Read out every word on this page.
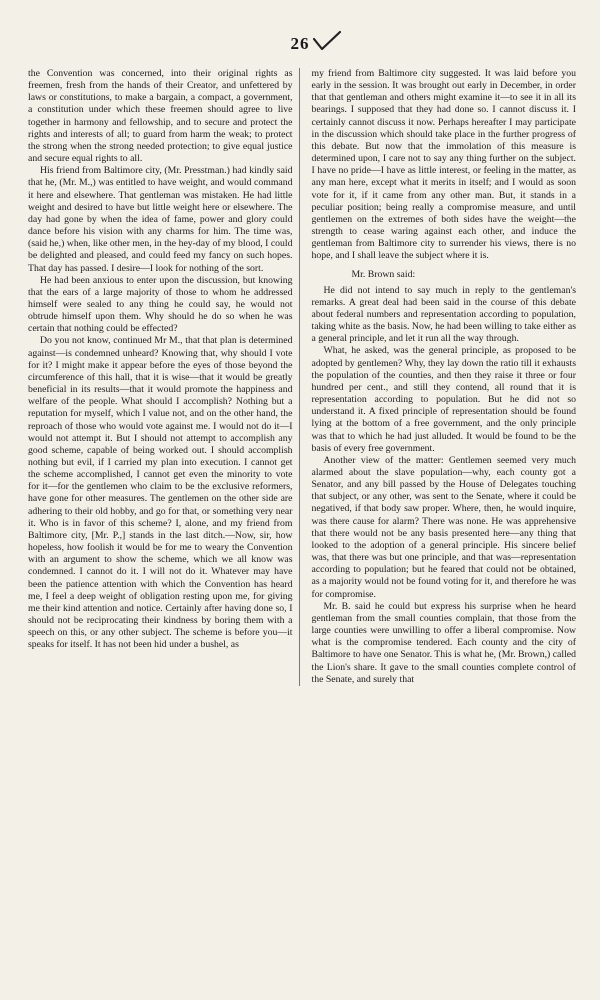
26

the Convention was concerned, into their original rights as freemen, fresh from the hands of their Creator, and unfettered by laws or constitutions, to make a bargain, a compact, a government, a constitution under which these freemen should agree to live together in harmony and fellowship, and to secure and protect the rights and interests of all; to guard from harm the weak; to protect the strong when the strong needed protection; to give equal justice and secure equal rights to all.

His friend from Baltimore city, (Mr. Presstman.) had kindly said that he, (Mr. M.,) was entitled to have weight, and would command it here and elsewhere. That gentleman was mistaken. He had little weight and desired to have but little weight here or elsewhere. The day had gone by when the idea of fame, power and glory could dance before his vision with any charms for him. The time was, (said he,) when, like other men, in the hey-day of my blood, I could be delighted and pleased, and could feed my fancy on such hopes. That day has passed. I desire—I look for nothing of the sort.

He had been anxious to enter upon the discussion, but knowing that the ears of a large majority of those to whom he addressed himself were sealed to any thing he could say, he would not obtrude himself upon them. Why should he do so when he was certain that nothing could be effected?

Do you not know, continued Mr M., that that plan is determined against—is condemned unheard? Knowing that, why should I vote for it? I might make it appear before the eyes of those beyond the circumference of this hall, that it is wise—that it would be greatly beneficial in its results—that it would promote the happiness and welfare of the people. What should I accomplish? Nothing but a reputation for myself, which I value not, and on the other hand, the reproach of those who would vote against me. I would not do it—I would not attempt it. But I should not attempt to accomplish any good scheme, capable of being worked out. I should accomplish nothing but evil, if I carried my plan into execution. I cannot get the scheme accomplished, I cannot get even the minority to vote for it—for the gentlemen who claim to be the exclusive reformers, have gone for other measures. The gentlemen on the other side are adhering to their old hobby, and go for that, or something very near it. Who is in favor of this scheme? I, alone, and my friend from Baltimore city, [Mr. P.,] stands in the last ditch.—Now, sir, how hopeless, how foolish it would be for me to weary the Convention with an argument to show the scheme, which we all know was condemned. I cannot do it. I will not do it. Whatever may have been the patience attention with which the Convention has heard me, I feel a deep weight of obligation resting upon me, for giving me their kind attention and notice. Certainly after having done so, I should not be reciprocating their kindness by boring them with a speech on this, or any other subject. The scheme is before you—it speaks for itself. It has not been hid under a bushel, as

my friend from Baltimore city suggested. It was laid before you early in the session. It was brought out early in December, in order that that gentleman and others might examine it—to see it in all its bearings. I supposed that they had done so. I cannot discuss it. I certainly cannot discuss it now. Perhaps hereafter I may participate in the discussion which should take place in the further progress of this debate. But now that the immolation of this measure is determined upon, I care not to say any thing further on the subject. I have no pride—I have as little interest, or feeling in the matter, as any man here, except what it merits in itself; and I would as soon vote for it, if it came from any other man. But, it stands in a peculiar position; being really a compromise measure, and until gentlemen on the extremes of both sides have the weight—the strength to cease waring against each other, and induce the gentleman from Baltimore city to surrender his views, there is no hope, and I shall leave the subject where it is.

Mr. Brown said:

He did not intend to say much in reply to the gentleman's remarks. A great deal had been said in the course of this debate about federal numbers and representation according to population, taking white as the basis. Now, he had been willing to take either as a general principle, and let it run all the way through.

What, he asked, was the general principle, as proposed to be adopted by gentlemen? Why, they lay down the ratio till it exhausts the population of the counties, and then they raise it three or four hundred per cent., and still they contend, all round that it is representation according to population. But he did not so understand it. A fixed principle of representation should be found lying at the bottom of a free government, and the only principle was that to which he had just alluded. It would be found to be the basis of every free government.

Another view of the matter: Gentlemen seemed very much alarmed about the slave population—why, each county got a Senator, and any bill passed by the House of Delegates touching that subject, or any other, was sent to the Senate, where it could be negatived, if that body saw proper. Where, then, he would inquire, was there cause for alarm? There was none. He was apprehensive that there would not be any basis presented here—any thing that looked to the adoption of a general principle. His sincere belief was, that there was but one principle, and that was—representation according to population; but he feared that could not be obtained, as a majority would not be found voting for it, and therefore he was for compromise.

Mr. B. said he could but express his surprise when he heard gentleman from the small counties complain, that those from the large counties were unwilling to offer a liberal compromise. Now what is the compromise tendered. Each county and the city of Baltimore to have one Senator. This is what he, (Mr. Brown,) called the Lion's share. It gave to the small counties complete control of the Senate, and surely that
